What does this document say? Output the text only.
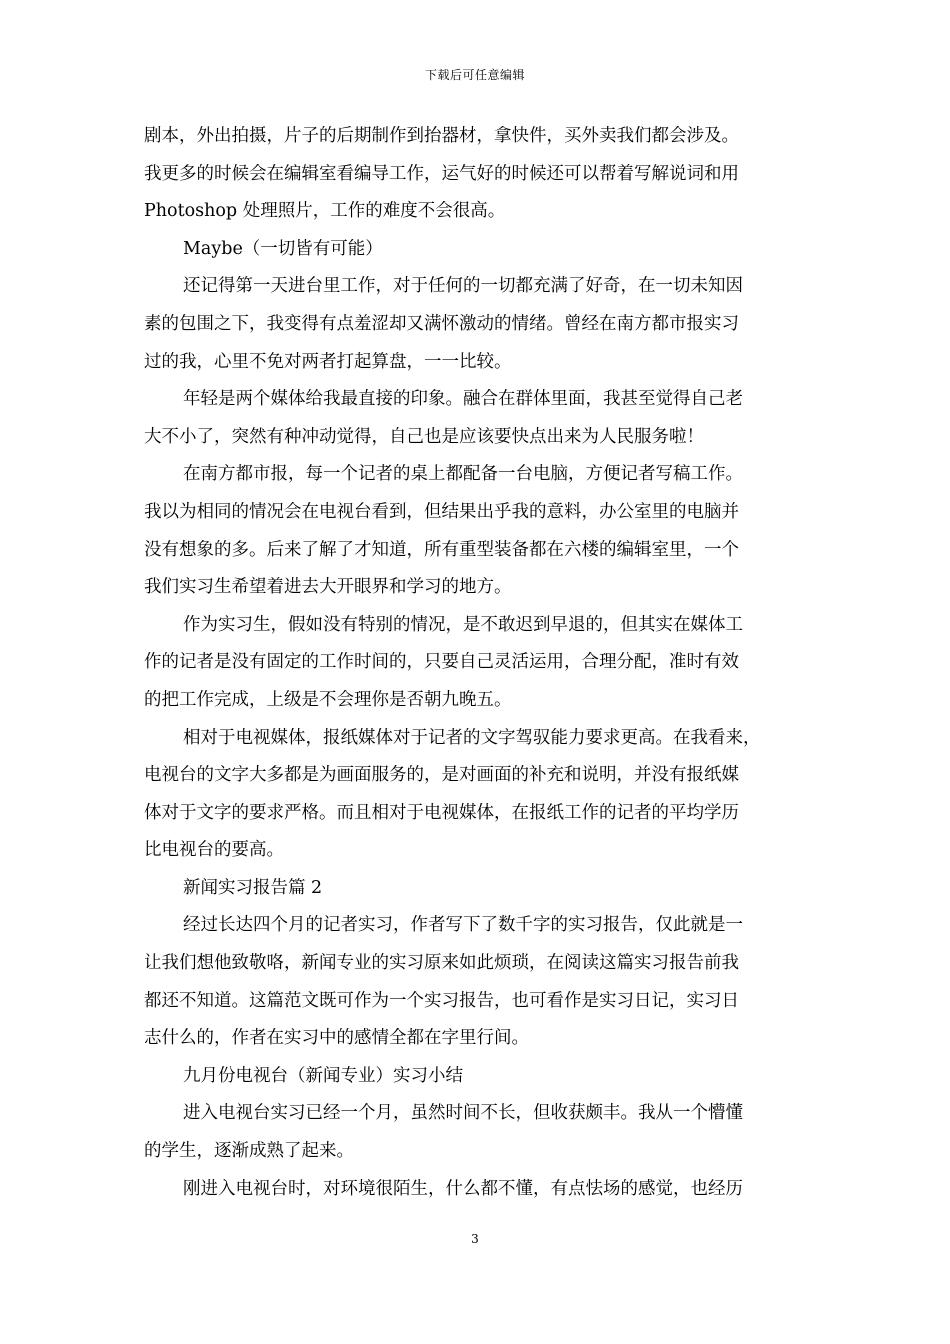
下载后可任意编辑
剧本，外出拍摄，片子的后期制作到抬器材，拿快件，买外卖我们都会涉及。
我更多的时候会在编辑室看编导工作，运气好的时候还可以帮着写解说词和用
Photoshop 处理照片，工作的难度不会很高。
Maybe（一切皆有可能）
还记得第一天进台里工作，对于任何的一切都充满了好奇，在一切未知因
素的包围之下，我变得有点羞涩却又满怀激动的情绪。曾经在南方都市报实习
过的我，心里不免对两者打起算盘，一一比较。
年轻是两个媒体给我最直接的印象。融合在群体里面，我甚至觉得自己老
大不小了，突然有种冲动觉得，自己也是应该要快点出来为人民服务啦！
在南方都市报，每一个记者的桌上都配备一台电脑，方便记者写稿工作。
我以为相同的情况会在电视台看到，但结果出乎我的意料，办公室里的电脑并
没有想象的多。后来了解了才知道，所有重型装备都在六楼的编辑室里，一个
我们实习生希望着进去大开眼界和学习的地方。
作为实习生，假如没有特别的情况，是不敢迟到早退的，但其实在媒体工
作的记者是没有固定的工作时间的，只要自己灵活运用，合理分配，准时有效
的把工作完成，上级是不会理你是否朝九晚五。
相对于电视媒体，报纸媒体对于记者的文字驾驭能力要求更高。在我看来，
电视台的文字大多都是为画面服务的，是对画面的补充和说明，并没有报纸媒
体对于文字的要求严格。而且相对于电视媒体，在报纸工作的记者的平均学历
比电视台的要高。
新闻实习报告篇 2
经过长达四个月的记者实习，作者写下了数千字的实习报告，仅此就是一
让我们想他致敬咯，新闻专业的实习原来如此烦琐，在阅读这篇实习报告前我
都还不知道。这篇范文既可作为一个实习报告，也可看作是实习日记，实习日
志什么的，作者在实习中的感情全都在字里行间。
九月份电视台（新闻专业）实习小结
进入电视台实习已经一个月，虽然时间不长，但收获颇丰。我从一个懵懂
的学生，逐渐成熟了起来。
刚进入电视台时，对环境很陌生，什么都不懂，有点怯场的感觉，也经历
3
